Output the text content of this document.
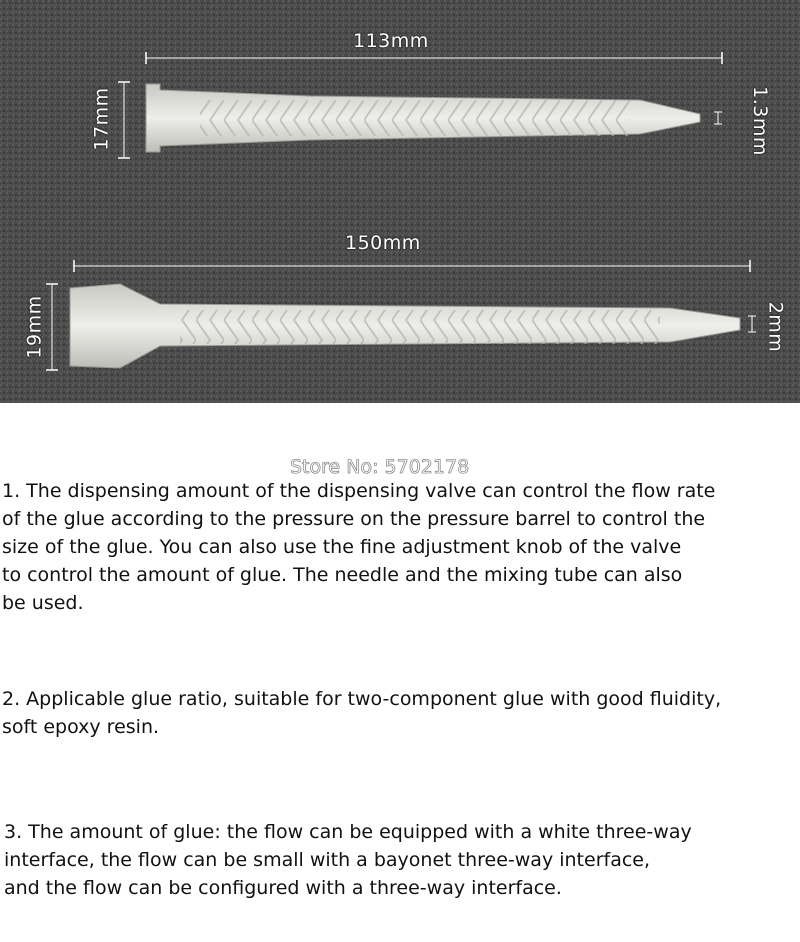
113mm
17mm	1.3mm
150mm
19mm	2mm
Store No: 5702178

1. The dispensing amount of the dispensing valve can control the flow rate
of the glue according to the pressure on the pressure barrel to control the
size of the glue. You can also use the fine adjustment knob of the valve
to control the amount of glue. The needle and the mixing tube can also
be used.

2. Applicable glue ratio, suitable for two-component glue with good fluidity,
soft epoxy resin.

3. The amount of glue: the flow can be equipped with a white three-way
interface, the flow can be small with a bayonet three-way interface,
and the flow can be configured with a three-way interface.
